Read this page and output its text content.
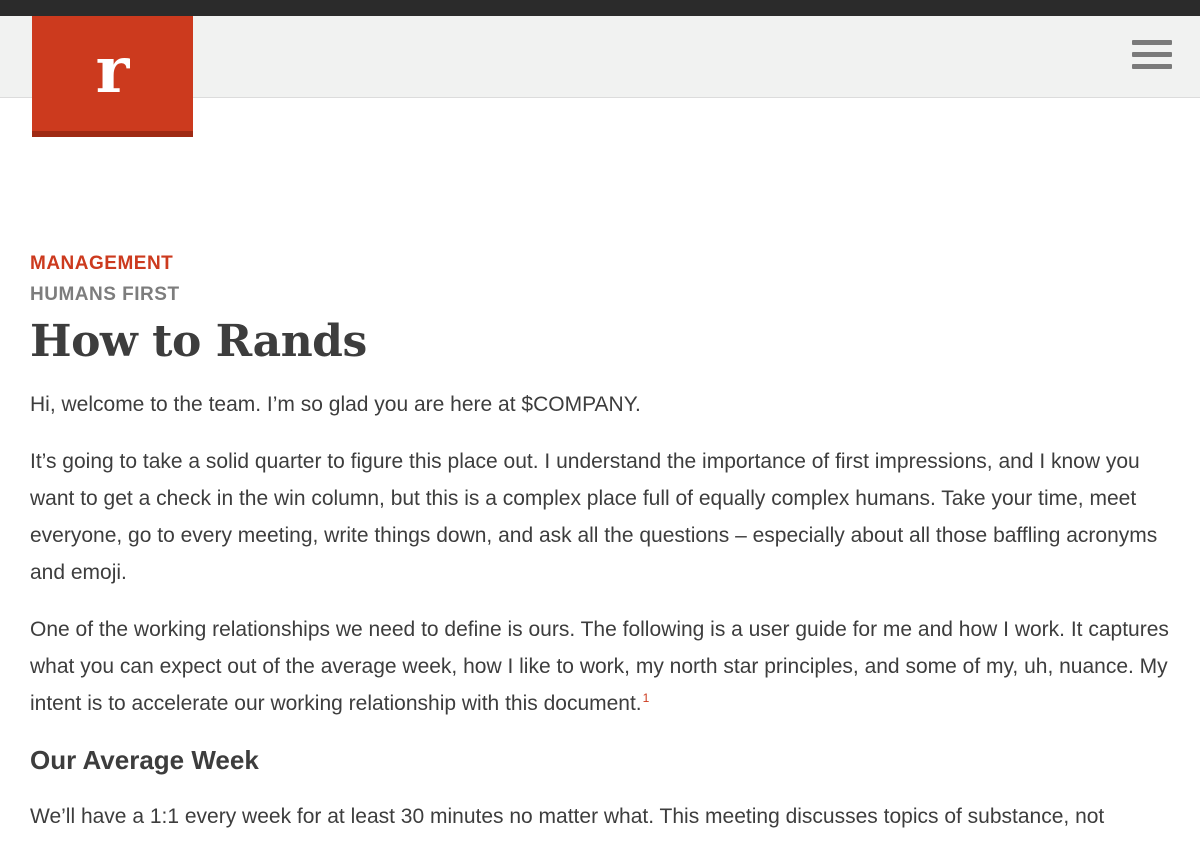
r
MANAGEMENT
HUMANS FIRST
How to Rands

Hi, welcome to the team. I’m so glad you are here at $COMPANY.

It’s going to take a solid quarter to figure this place out. I understand the importance of first impressions, and I know you want to get a check in the win column, but this is a complex place full of equally complex humans. Take your time, meet everyone, go to every meeting, write things down, and ask all the questions – especially about all those baffling acronyms and emoji.

One of the working relationships we need to define is ours. The following is a user guide for me and how I work. It captures what you can expect out of the average week, how I like to work, my north star principles, and some of my, uh, nuance. My intent is to accelerate our working relationship with this document.$^1$

Our Average Week

We’ll have a 1:1 every week for at least 30 minutes no matter what. This meeting discusses topics of substance, not
